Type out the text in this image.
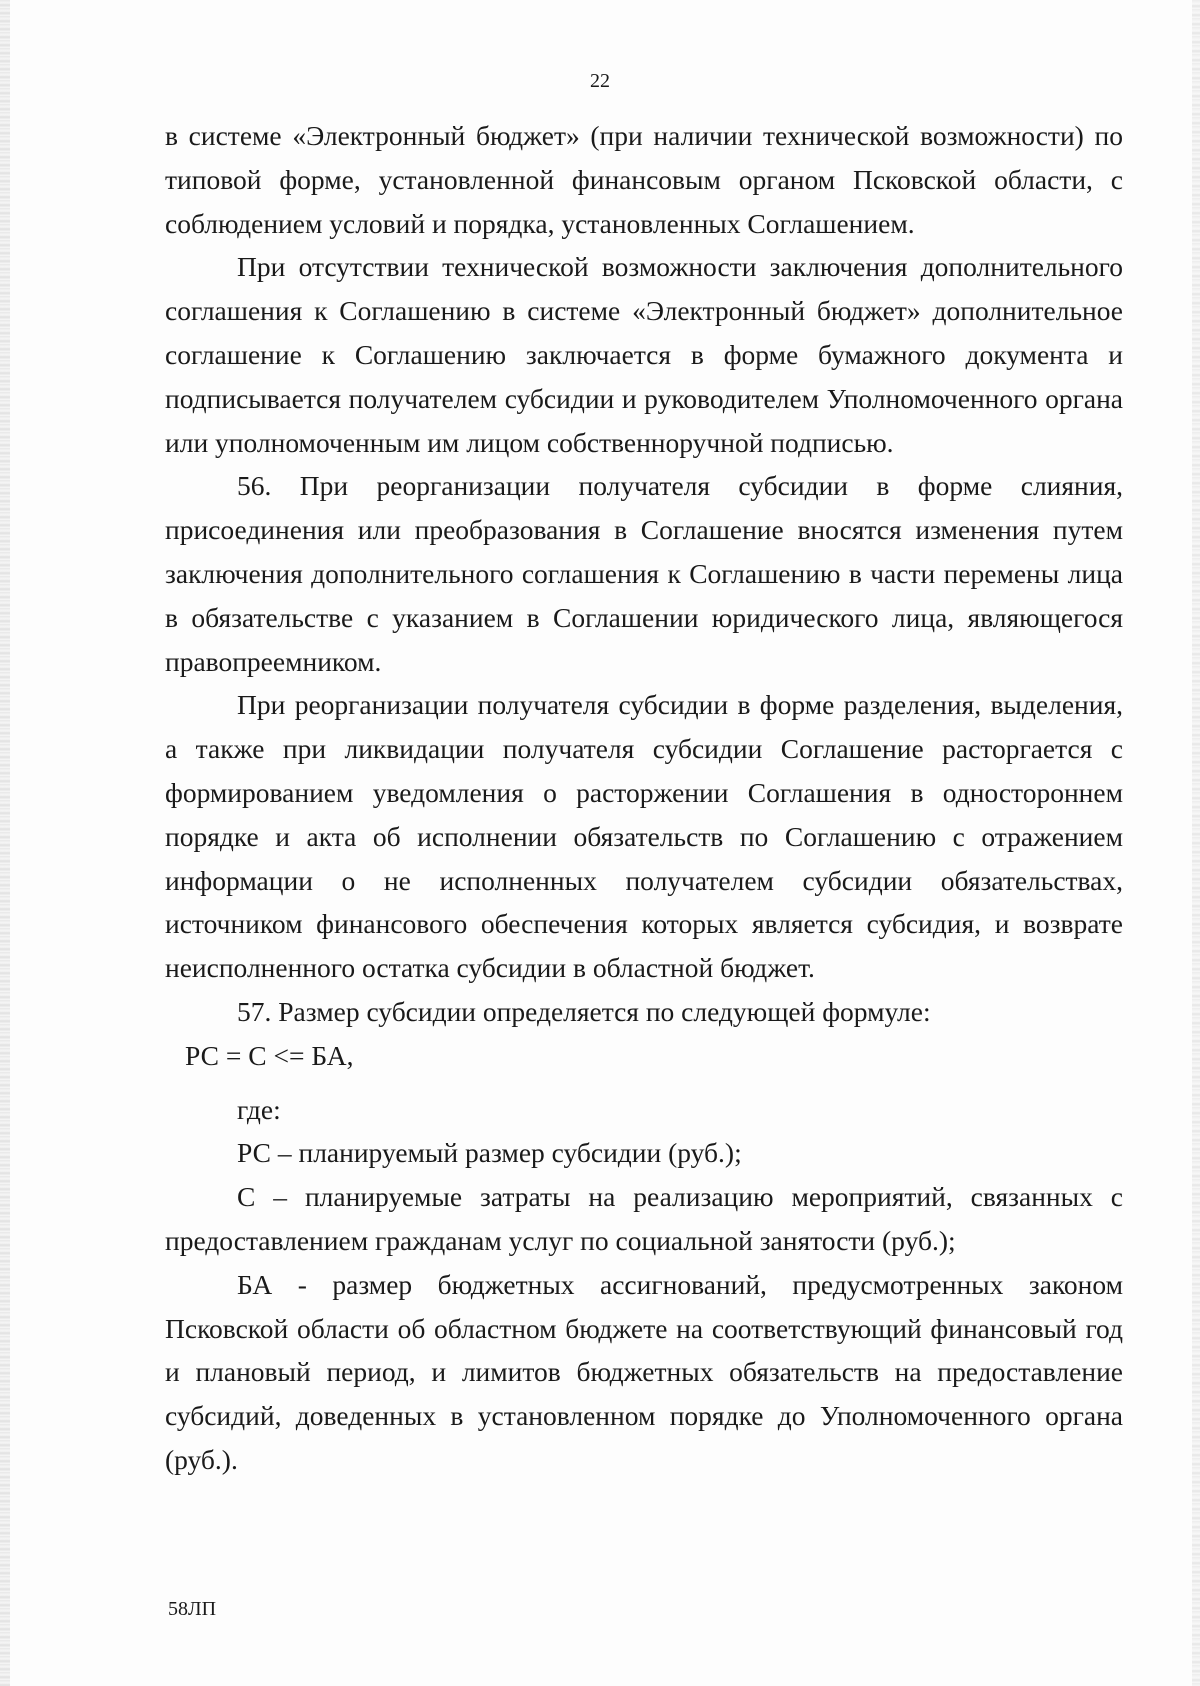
22

в системе «Электронный бюджет» (при наличии технической возможности) по типовой форме, установленной финансовым органом Псковской области, с соблюдением условий и порядка, установленных Соглашением.

При отсутствии технической возможности заключения дополнительного соглашения к Соглашению в системе «Электронный бюджет» дополнительное соглашение к Соглашению заключается в форме бумажного документа и подписывается получателем субсидии и руководителем Уполномоченного органа или уполномоченным им лицом собственноручной подписью.

56. При реорганизации получателя субсидии в форме слияния, присоединения или преобразования в Соглашение вносятся изменения путем заключения дополнительного соглашения к Соглашению в части перемены лица в обязательстве с указанием в Соглашении юридического лица, являющегося правопреемником.

При реорганизации получателя субсидии в форме разделения, выделения, а также при ликвидации получателя субсидии Соглашение расторгается с формированием уведомления о расторжении Соглашения в одностороннем порядке и акта об исполнении обязательств по Соглашению с отражением информации о не исполненных получателем субсидии обязательствах, источником финансового обеспечения которых является субсидия, и возврате неисполненного остатка субсидии в областной бюджет.

57. Размер субсидии определяется по следующей формуле:

РС = С <= БА,

где:

РС – планируемый размер субсидии (руб.);

С – планируемые затраты на реализацию мероприятий, связанных с предоставлением гражданам услуг по социальной занятости (руб.);

БА - размер бюджетных ассигнований, предусмотренных законом Псковской области об областном бюджете на соответствующий финансовый год и плановый период, и лимитов бюджетных обязательств на предоставление субсидий, доведенных в установленном порядке до Уполномоченного органа (руб.).

58ЛП
